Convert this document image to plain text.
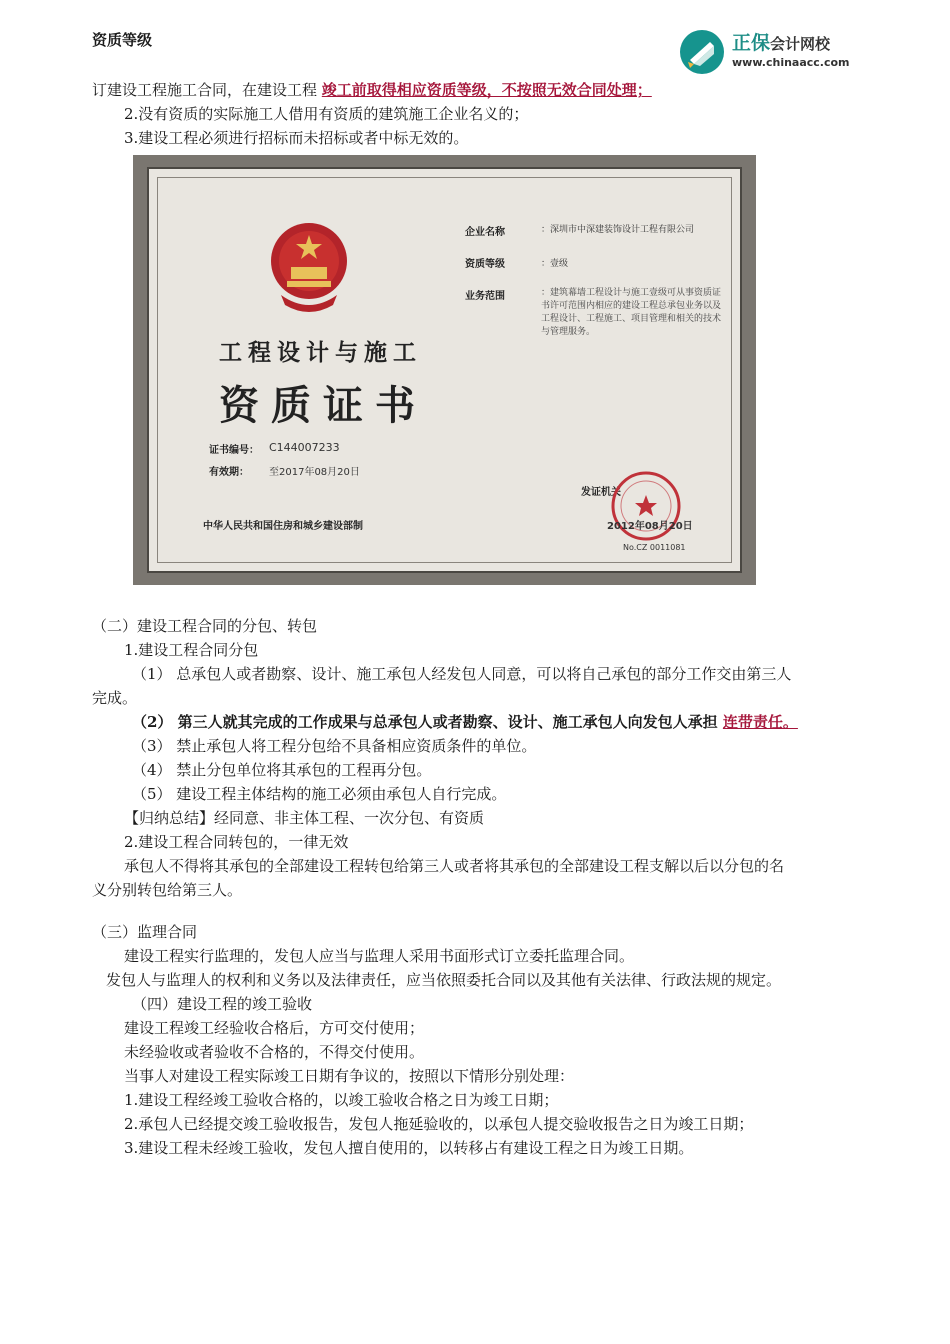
资质等级	正保会计网校
www.chinaacc.com
订建设工程施工合同，在建设工程 竣工前取得相应资质等级，不按照无效合同处理；
2.没有资质的实际施工人借用有资质的建筑施工企业名义的；
3.建设工程必须进行招标而未招标或者中标无效的。
工程设计与施工
资质证书
企业名称	：深圳市中深建装饰设计工程有限公司
资质等级	：壹级
业务范围	：建筑幕墙工程设计与施工壹级可从事资质证书许可范围内相应的建设工程总承包业务以及工程设计、工程施工、项目管理和相关的技术与管理服务。
证书编号： C144007233
有效期： 至2017年08月20日
发证机关
2012年08月20日
中华人民共和国住房和城乡建设部制
No.CZ 0011081
（二）建设工程合同的分包、转包
1.建设工程合同分包
（1） 总承包人或者勘察、设计、施工承包人经发包人同意，可以将自己承包的部分工作交由第三人
完成。
（2） 第三人就其完成的工作成果与总承包人或者勘察、设计、施工承包人向发包人承担 连带责任。
（3） 禁止承包人将工程分包给不具备相应资质条件的单位。
（4） 禁止分包单位将其承包的工程再分包。
（5） 建设工程主体结构的施工必须由承包人自行完成。
【归纳总结】经同意、非主体工程、一次分包、有资质
2.建设工程合同转包的，一律无效
承包人不得将其承包的全部建设工程转包给第三人或者将其承包的全部建设工程支解以后以分包的名
义分别转包给第三人。
（三）监理合同
建设工程实行监理的，发包人应当与监理人采用书面形式订立委托监理合同。
发包人与监理人的权利和义务以及法律责任，应当依照委托合同以及其他有关法律、行政法规的规定。
（四）建设工程的竣工验收
建设工程竣工经验收合格后，方可交付使用；
未经验收或者验收不合格的，不得交付使用。
当事人对建设工程实际竣工日期有争议的，按照以下情形分别处理：
1.建设工程经竣工验收合格的，以竣工验收合格之日为竣工日期；
2.承包人已经提交竣工验收报告，发包人拖延验收的，以承包人提交验收报告之日为竣工日期；
3.建设工程未经竣工验收，发包人擅自使用的，以转移占有建设工程之日为竣工日期。
